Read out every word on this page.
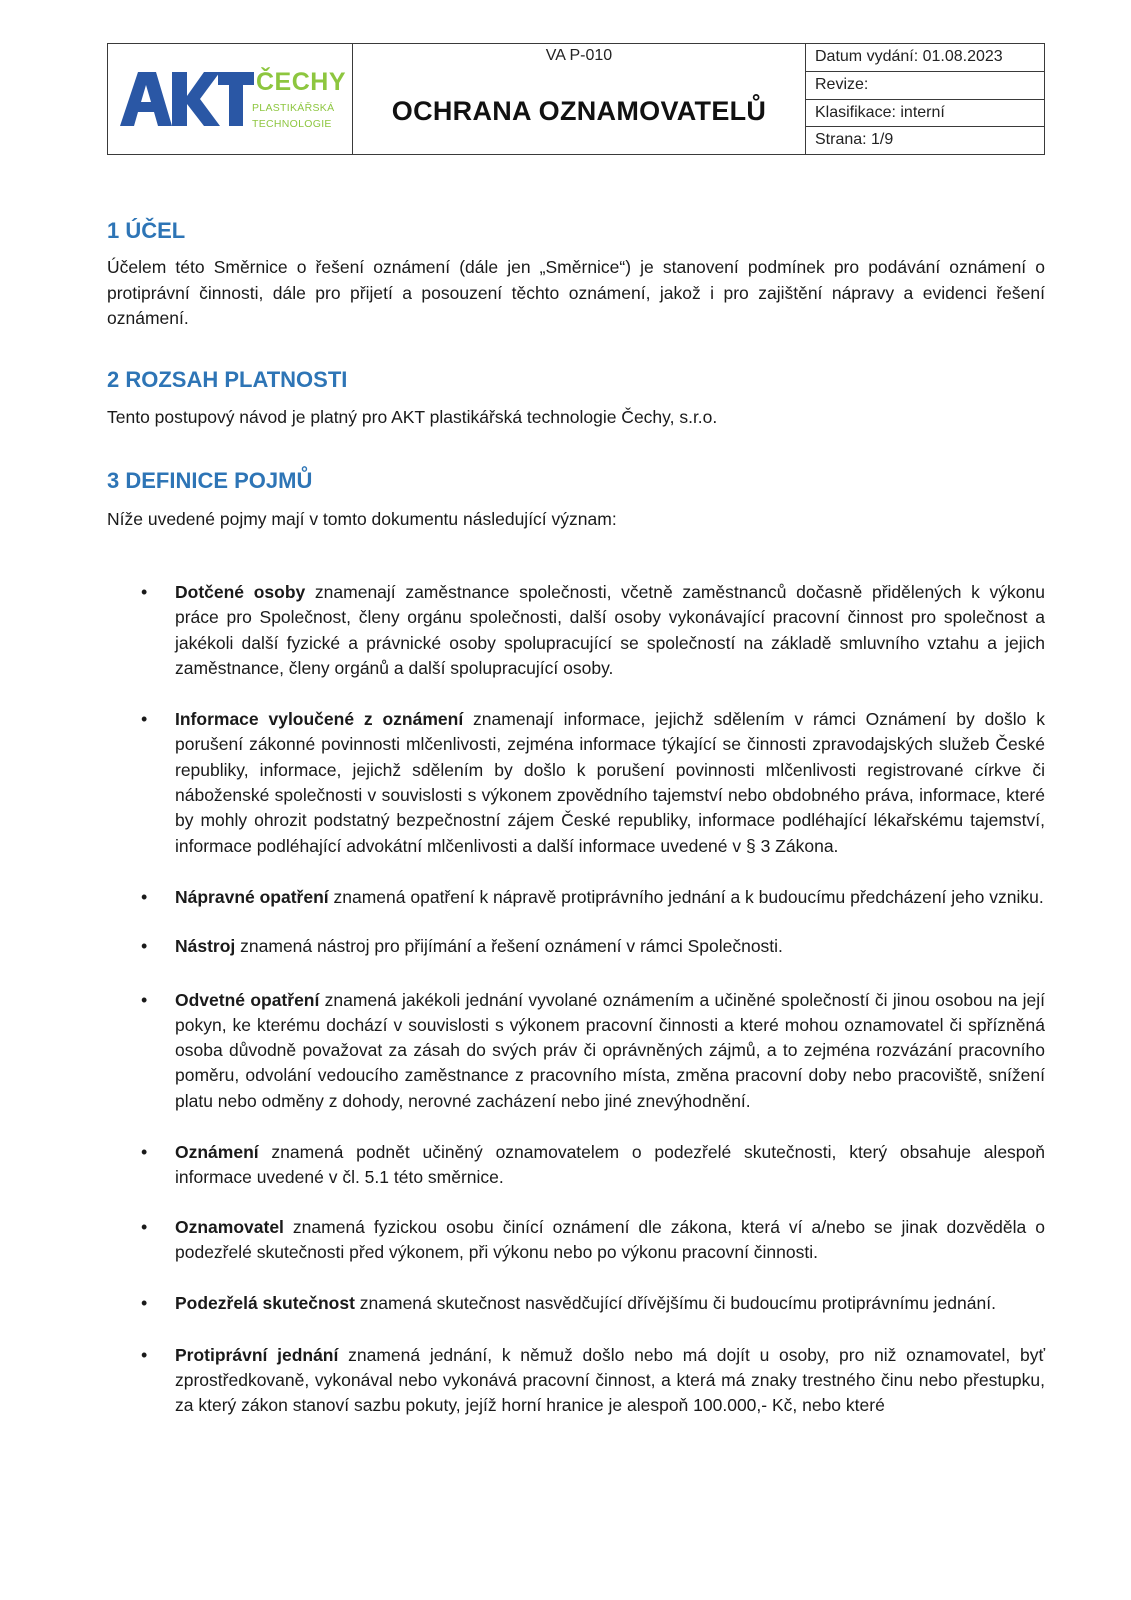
ČECHY
PLASTIKÁŘSKÁ
TECHNOLOGIE
VA P-010
OCHRANA OZNAMOVATELŮ
Datum vydání: 01.08.2023
Revize:
Klasifikace: interní
Strana: 1/9
1 ÚČEL

Účelem této Směrnice o řešení oznámení (dále jen „Směrnice“) je stanovení podmínek pro podávání oznámení o protiprávní činnosti, dále pro přijetí a posouzení těchto oznámení, jakož i pro zajištění nápravy a evidenci řešení oznámení.

2 ROZSAH PLATNOSTI

Tento postupový návod je platný pro AKT plastikářská technologie Čechy, s.r.o.

3 DEFINICE POJMŮ

Níže uvedené pojmy mají v tomto dokumentu následující význam:

• Dotčené osoby znamenají zaměstnance společnosti, včetně zaměstnanců dočasně přidělených k výkonu práce pro Společnost, členy orgánu společnosti, další osoby vykonávající pracovní činnost pro společnost a jakékoli další fyzické a právnické osoby spolupracující se společností na základě smluvního vztahu a jejich zaměstnance, členy orgánů a další spolupracující osoby.
• Informace vyloučené z oznámení znamenají informace, jejichž sdělením v rámci Oznámení by došlo k porušení zákonné povinnosti mlčenlivosti, zejména informace týkající se činnosti zpravodajských služeb České republiky, informace, jejichž sdělením by došlo k porušení povinnosti mlčenlivosti registrované církve či náboženské společnosti v souvislosti s výkonem zpovědního tajemství nebo obdobného práva, informace, které by mohly ohrozit podstatný bezpečnostní zájem České republiky, informace podléhající lékařskému tajemství, informace podléhající advokátní mlčenlivosti a další informace uvedené v § 3 Zákona.
• Nápravné opatření znamená opatření k nápravě protiprávního jednání a k budoucímu předcházení jeho vzniku.
• Nástroj znamená nástroj pro přijímání a řešení oznámení v rámci Společnosti.
• Odvetné opatření znamená jakékoli jednání vyvolané oznámením a učiněné společností či jinou osobou na její pokyn, ke kterému dochází v souvislosti s výkonem pracovní činnosti a které mohou oznamovatel či spřízněná osoba důvodně považovat za zásah do svých práv či oprávněných zájmů, a to zejména rozvázání pracovního poměru, odvolání vedoucího zaměstnance z pracovního místa, změna pracovní doby nebo pracoviště, snížení platu nebo odměny z dohody, nerovné zacházení nebo jiné znevýhodnění.
• Oznámení znamená podnět učiněný oznamovatelem o podezřelé skutečnosti, který obsahuje alespoň informace uvedené v čl. 5.1 této směrnice.
• Oznamovatel znamená fyzickou osobu činící oznámení dle zákona, která ví a/nebo se jinak dozvěděla o podezřelé skutečnosti před výkonem, při výkonu nebo po výkonu pracovní činnosti.
• Podezřelá skutečnost znamená skutečnost nasvědčující dřívějšímu či budoucímu protiprávnímu jednání.
• Protiprávní jednání znamená jednání, k němuž došlo nebo má dojít u osoby, pro niž oznamovatel, byť zprostředkovaně, vykonával nebo vykonává pracovní činnost, a která má znaky trestného činu nebo přestupku, za který zákon stanoví sazbu pokuty, jejíž horní hranice je alespoň 100.000,- Kč, nebo které
